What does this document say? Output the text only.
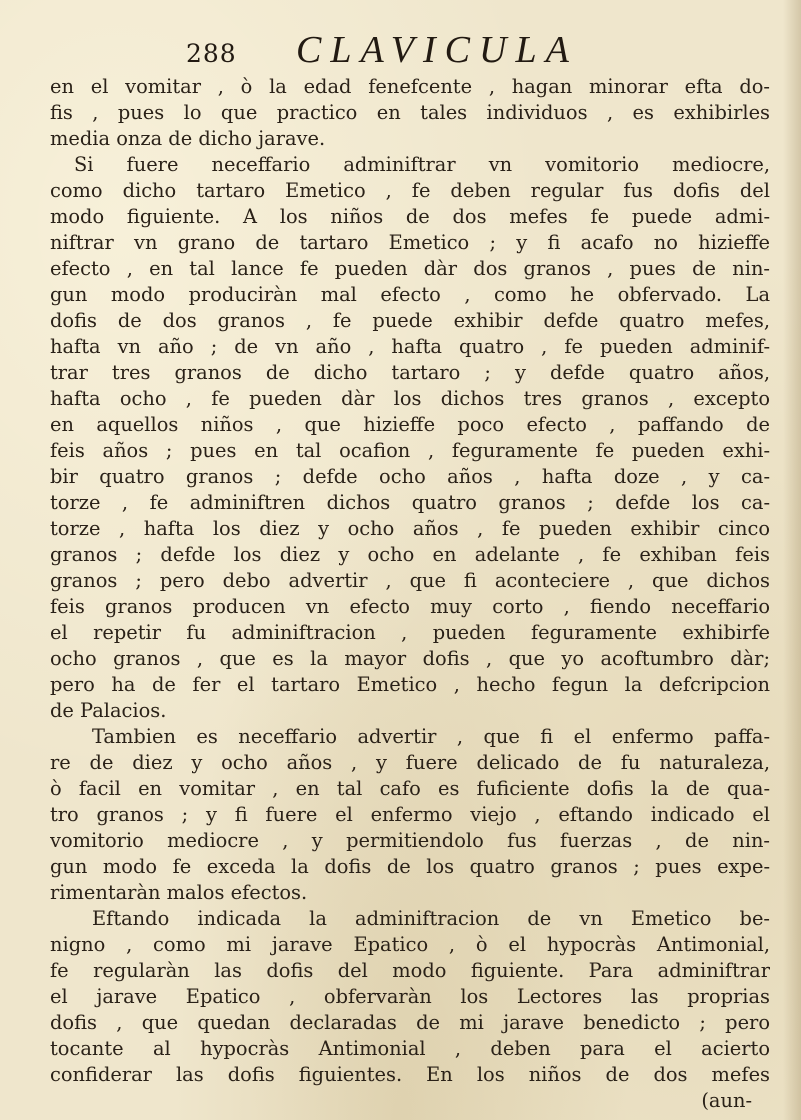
288	CLAVICULA
en el vomitar , ò la edad fenefcente , hagan minorar efta do-
fis , pues lo que practico en tales individuos , es exhibirles
media onza de dicho jarave.
Si fuere neceffario adminiftrar vn vomitorio mediocre,
como dicho tartaro Emetico , fe deben regular fus dofis del
modo figuiente. A los niños de dos mefes fe puede admi-
niftrar vn grano de tartaro Emetico ; y fi acafo no hizieffe
efecto , en tal lance fe pueden dàr dos granos , pues de nin-
gun modo produciràn mal efecto , como he obfervado. La
dofis de dos granos , fe puede exhibir defde quatro mefes,
hafta vn año ; de vn año , hafta quatro , fe pueden adminif-
trar tres granos de dicho tartaro ; y defde quatro años,
hafta ocho , fe pueden dàr los dichos tres granos , excepto
en aquellos niños , que hizieffe poco efecto , paffando de
feis años ; pues en tal ocafion , feguramente fe pueden exhi-
bir quatro granos ; defde ocho años , hafta doze , y ca-
torze , fe adminiftren dichos quatro granos ; defde los ca-
torze , hafta los diez y ocho años , fe pueden exhibir cinco
granos ; defde los diez y ocho en adelante , fe exhiban feis
granos ; pero debo advertir , que fi aconteciere , que dichos
feis granos producen vn efecto muy corto , fiendo neceffario
el repetir fu adminiftracion , pueden feguramente exhibirfe
ocho granos , que es la mayor dofis , que yo acoftumbro dàr;
pero ha de fer el tartaro Emetico , hecho fegun la defcripcion
de Palacios.
Tambien es neceffario advertir , que fi el enfermo paffa-
re de diez y ocho años , y fuere delicado de fu naturaleza,
ò facil en vomitar , en tal cafo es fuficiente dofis la de qua-
tro granos ; y fi fuere el enfermo viejo , eftando indicado el
vomitorio mediocre , y permitiendolo fus fuerzas , de nin-
gun modo fe exceda la dofis de los quatro granos ; pues expe-
rimentaràn malos efectos.
Eftando indicada la adminiftracion de vn Emetico be-
nigno , como mi jarave Epatico , ò el hypocràs Antimonial,
fe regularàn las dofis del modo figuiente. Para adminiftrar
el jarave Epatico , obfervaràn los Lectores las proprias
dofis , que quedan declaradas de mi jarave benedicto ; pero
tocante al hypocràs Antimonial , deben para el acierto
confiderar las dofis figuientes. En los niños de dos mefes
(aun-
